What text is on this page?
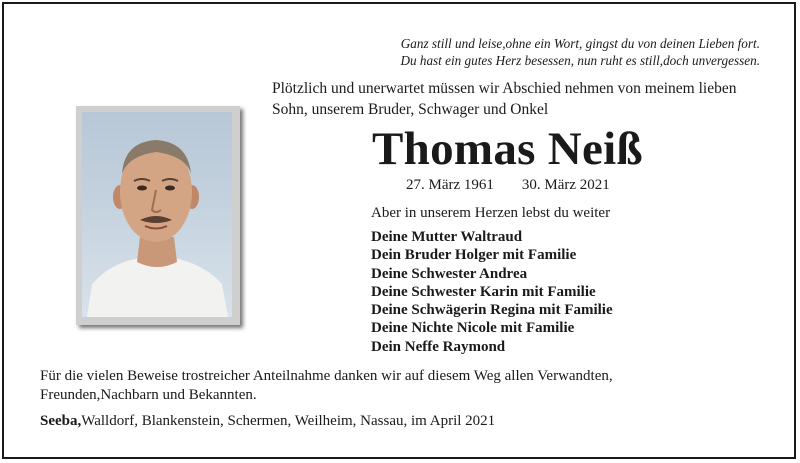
Ganz still und leise,ohne ein Wort, gingst du von deinen Lieben fort.
Du hast ein gutes Herz besessen, nun ruht es still,doch unvergessen.
Plötzlich und unerwartet müssen wir Abschied nehmen von meinem lieben
Sohn, unserem Bruder, Schwager und Onkel
Thomas Neiß
27. März 1961 30. März 2021
Aber in unserem Herzen lebst du weiter
Deine Mutter Waltraud
Dein Bruder Holger mit Familie
Deine Schwester Andrea
Deine Schwester Karin mit Familie
Deine Schwägerin Regina mit Familie
Deine Nichte Nicole mit Familie
Dein Neffe Raymond
Für die vielen Beweise trostreicher Anteilnahme danken wir auf diesem Weg allen Verwandten,
Freunden,Nachbarn und Bekannten.
Seeba,Walldorf, Blankenstein, Schermen, Weilheim, Nassau, im April 2021
